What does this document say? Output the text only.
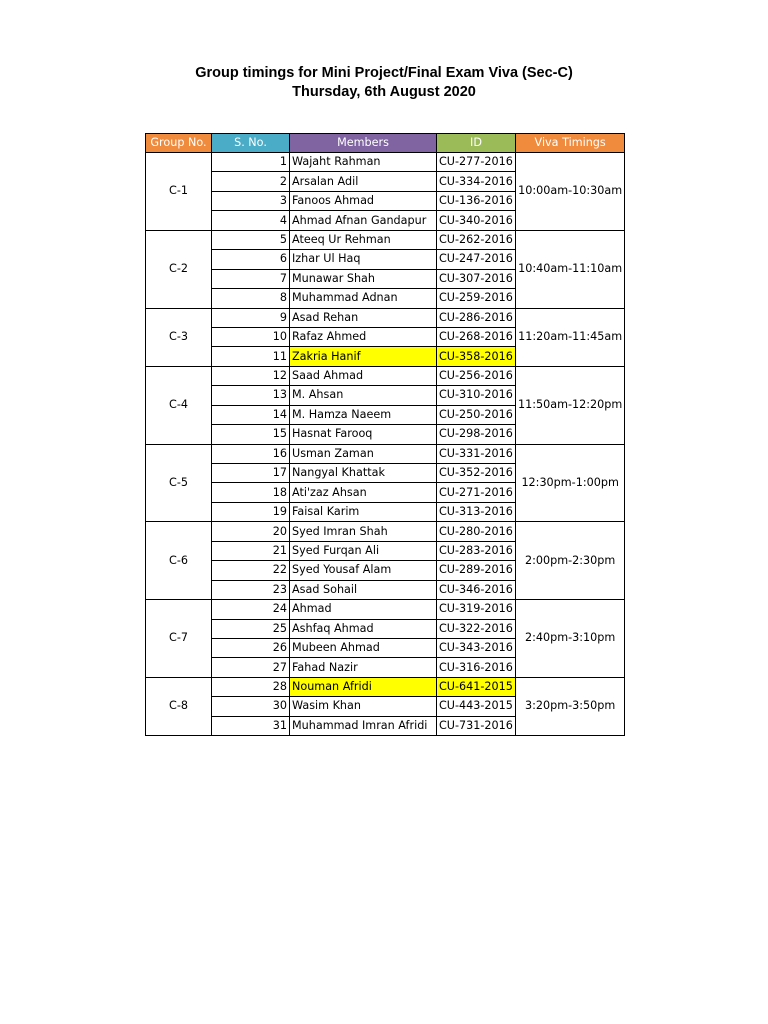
Group timings for Mini Project/Final Exam Viva (Sec-C)
Thursday, 6th August 2020
Group No.	S. No.	Members	ID	Viva Timings
C-1	1	Wajaht Rahman	CU-277-2016	10:00am-10:30am
	2	Arsalan Adil	CU-334-2016	
	3	Fanoos Ahmad	CU-136-2016	
	4	Ahmad Afnan Gandapur	CU-340-2016	
C-2	5	Ateeq Ur Rehman	CU-262-2016	10:40am-11:10am
	6	Izhar Ul Haq	CU-247-2016	
	7	Munawar Shah	CU-307-2016	
	8	Muhammad Adnan	CU-259-2016	
C-3	9	Asad Rehan	CU-286-2016	11:20am-11:45am
	10	Rafaz Ahmed	CU-268-2016	
	11	Zakria Hanif	CU-358-2016	
C-4	12	Saad Ahmad	CU-256-2016	11:50am-12:20pm
	13	M. Ahsan	CU-310-2016	
	14	M. Hamza Naeem	CU-250-2016	
	15	Hasnat Farooq	CU-298-2016	
C-5	16	Usman Zaman	CU-331-2016	12:30pm-1:00pm
	17	Nangyal Khattak	CU-352-2016	
	18	Ati'zaz Ahsan	CU-271-2016	
	19	Faisal Karim	CU-313-2016	
C-6	20	Syed Imran Shah	CU-280-2016	2:00pm-2:30pm
	21	Syed Furqan Ali	CU-283-2016	
	22	Syed Yousaf Alam	CU-289-2016	
	23	Asad Sohail	CU-346-2016	
C-7	24	Ahmad	CU-319-2016	2:40pm-3:10pm
	25	Ashfaq Ahmad	CU-322-2016	
	26	Mubeen Ahmad	CU-343-2016	
	27	Fahad Nazir	CU-316-2016	
C-8	28	Nouman Afridi	CU-641-2015	3:20pm-3:50pm
	30	Wasim Khan	CU-443-2015	
	31	Muhammad Imran Afridi	CU-731-2016	
